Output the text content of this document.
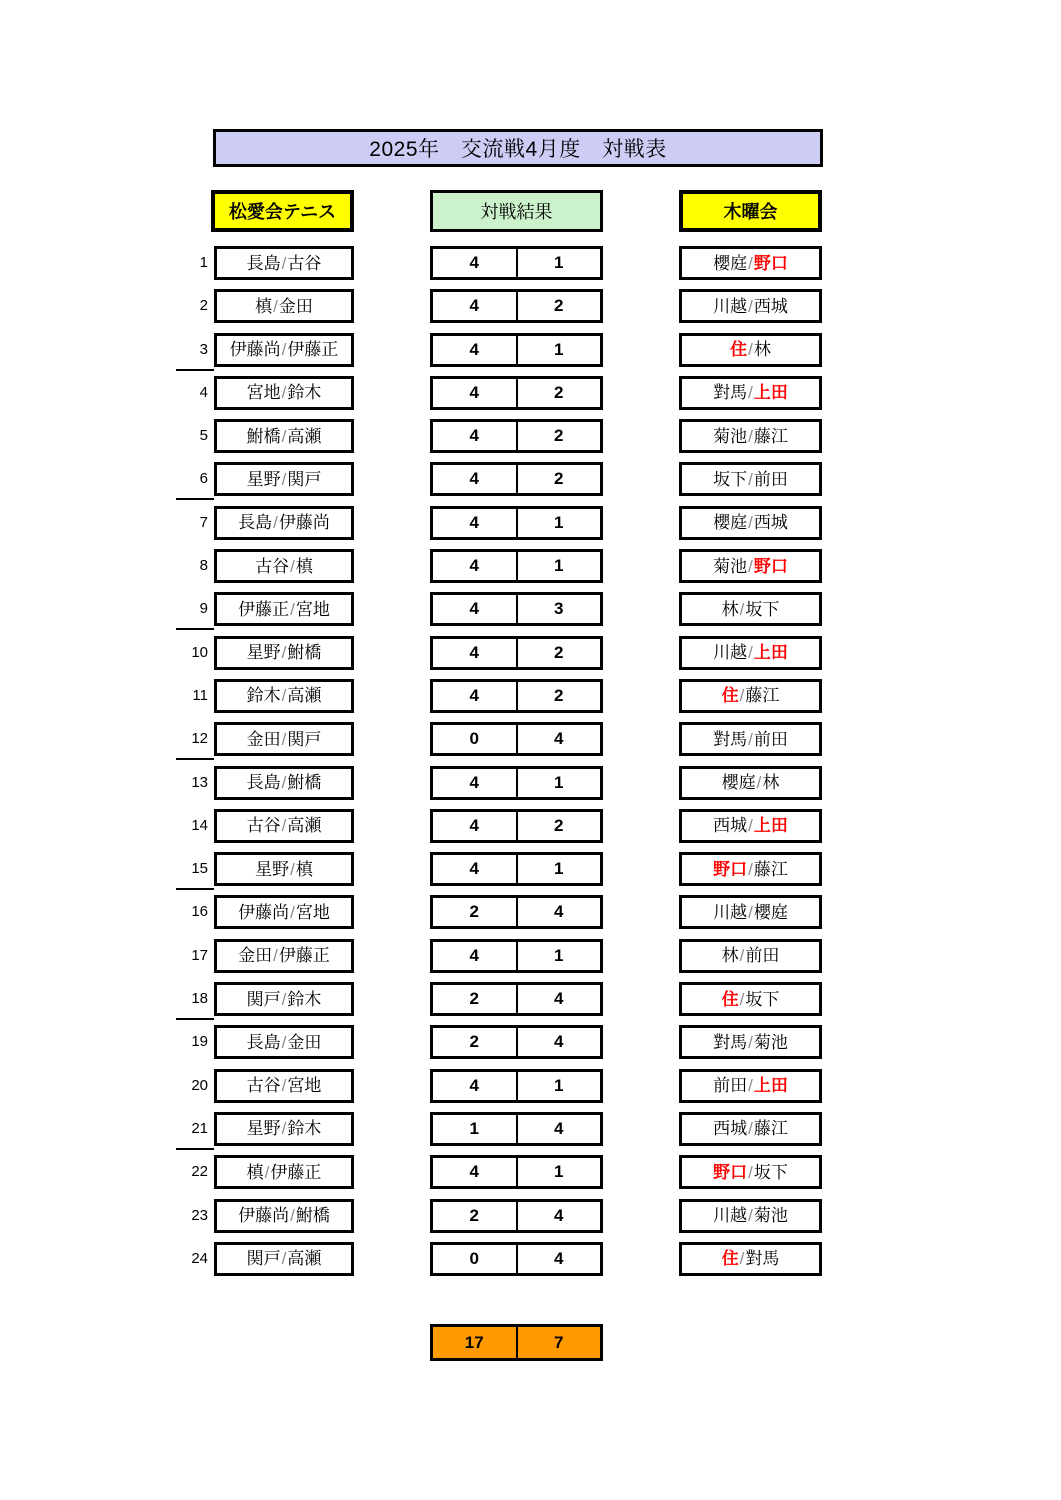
2025年　交流戦4月度　対戦表
松愛会テニス	対戦結果	木曜会
1 長島/古谷	4	1	櫻庭/野口
2	槙/金田	4	2	川越/西城
3 伊藤尚/伊藤正	4	1	住/林
4 宮地/鈴木	4	2	對馬/上田
5 鮒橋/高瀬	4	2	菊池/藤江
6 星野/関戸	4	2	坂下/前田
7 長島/伊藤尚	4	1	櫻庭/西城
8	古谷/槙	4	1	菊池/野口
9 伊藤正/宮地	4	3	林/坂下
10 星野/鮒橋	4	2	川越/上田
11 鈴木/高瀬	4	2	住/藤江
12 金田/関戸	0	4	對馬/前田
13 長島/鮒橋	4	1	櫻庭/林
14 古谷/高瀬	4	2	西城/上田
15	星野/槙	4	1	野口/藤江
16 伊藤尚/宮地	2	4	川越/櫻庭
17 金田/伊藤正	4	1	林/前田
18 関戸/鈴木	2	4	住/坂下
19 長島/金田	2	4	對馬/菊池
20 古谷/宮地	4	1	前田/上田
21 星野/鈴木	1	4	西城/藤江
22 槙/伊藤正	4	1	野口/坂下
23 伊藤尚/鮒橋	2	4	川越/菊池
24 関戸/高瀬	0	4	住/對馬
17	7
